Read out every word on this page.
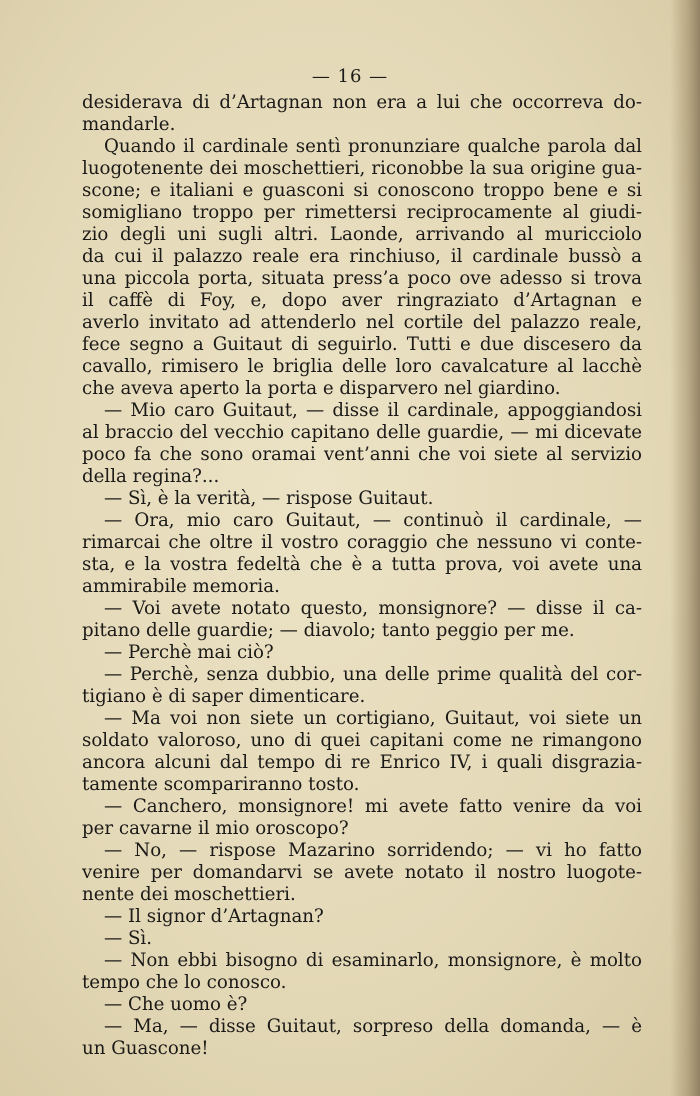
— 16 —
desiderava di d’Artagnan non era a lui che occorreva do-
mandarle.
Quando il cardinale sentì pronunziare qualche parola dal
luogotenente dei moschettieri, riconobbe la sua origine gua-
scone; e italiani e guasconi si conoscono troppo bene e si
somigliano troppo per rimettersi reciprocamente al giudi-
zio degli uni sugli altri. Laonde, arrivando al muricciolo
da cui il palazzo reale era rinchiuso, il cardinale bussò a
una piccola porta, situata press’a poco ove adesso si trova
il caffè di Foy, e, dopo aver ringraziato d’Artagnan e
averlo invitato ad attenderlo nel cortile del palazzo reale,
fece segno a Guitaut di seguirlo. Tutti e due discesero da
cavallo, rimisero le briglia delle loro cavalcature al lacchè
che aveva aperto la porta e disparvero nel giardino.
— Mio caro Guitaut, — disse il cardinale, appoggiandosi
al braccio del vecchio capitano delle guardie, — mi dicevate
poco fa che sono oramai vent’anni che voi siete al servizio
della regina?...
— Sì, è la verità, — rispose Guitaut.
— Ora, mio caro Guitaut, — continuò il cardinale, —
rimarcai che oltre il vostro coraggio che nessuno vi conte-
sta, e la vostra fedeltà che è a tutta prova, voi avete una
ammirabile memoria.
— Voi avete notato questo, monsignore? — disse il ca-
pitano delle guardie; — diavolo; tanto peggio per me.
— Perchè mai ciò?
— Perchè, senza dubbio, una delle prime qualità del cor-
tigiano è di saper dimenticare.
— Ma voi non siete un cortigiano, Guitaut, voi siete un
soldato valoroso, uno di quei capitani come ne rimangono
ancora alcuni dal tempo di re Enrico IV, i quali disgrazia-
tamente scompariranno tosto.
— Canchero, monsignore! mi avete fatto venire da voi
per cavarne il mio oroscopo?
— No, — rispose Mazarino sorridendo; — vi ho fatto
venire per domandarvi se avete notato il nostro luogote-
nente dei moschettieri.
— Il signor d’Artagnan?
— Sì.
— Non ebbi bisogno di esaminarlo, monsignore, è molto
tempo che lo conosco.
— Che uomo è?
— Ma, — disse Guitaut, sorpreso della domanda, — è
un Guascone!
